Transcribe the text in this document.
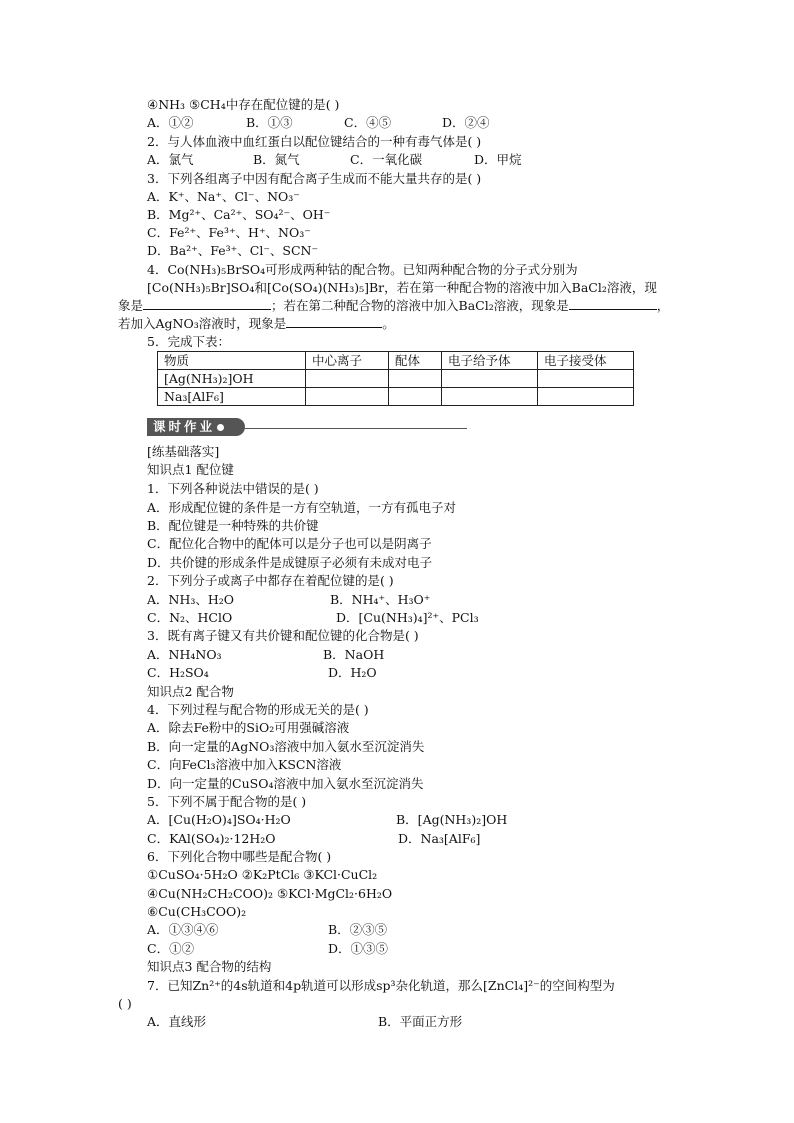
④NH₃ ⑤CH₄中存在配位键的是( )
A．①②	B．①③	C．④⑤	D．②④
2．与人体血液中血红蛋白以配位键结合的一种有毒气体是( )
A．氯气	B．氮气	C．一氧化碳	D．甲烷
3．下列各组离子中因有配合离子生成而不能大量共存的是( )
A．K⁺、Na⁺、Cl⁻、NO₃⁻
B．Mg²⁺、Ca²⁺、SO₄²⁻、OH⁻
C．Fe²⁺、Fe³⁺、H⁺、NO₃⁻
D．Ba²⁺、Fe³⁺、Cl⁻、SCN⁻
4．Co(NH₃)₅BrSO₄可形成两种钴的配合物。已知两种配合物的分子式分别为
[Co(NH₃)₅Br]SO₄和[Co(SO₄)(NH₃)₅]Br，若在第一种配合物的溶液中加入BaCl₂溶液，现
象是	；若在第二种配合物的溶液中加入BaCl₂溶液，现象是	，
若加入AgNO₃溶液时，现象是	。
5．完成下表：
物质	中心离子	配体	电子给予体	电子接受体
[Ag(NH₃)₂]OH				
Na₃[AlF₆]				
课时作业
[练基础落实]
知识点1 配位键
1．下列各种说法中错误的是( )
A．形成配位键的条件是一方有空轨道，一方有孤电子对
B．配位键是一种特殊的共价键
C．配位化合物中的配体可以是分子也可以是阴离子
D．共价键的形成条件是成键原子必须有未成对电子
2．下列分子或离子中都存在着配位键的是( )
A．NH₃、H₂O	B．NH₄⁺、H₃O⁺
C．N₂、HClO	D．[Cu(NH₃)₄]²⁺、PCl₃
3．既有离子键又有共价键和配位键的化合物是( )
A．NH₄NO₃	B．NaOH
C．H₂SO₄	D．H₂O
知识点2 配合物
4．下列过程与配合物的形成无关的是( )
A．除去Fe粉中的SiO₂可用强碱溶液
B．向一定量的AgNO₃溶液中加入氨水至沉淀消失
C．向FeCl₃溶液中加入KSCN溶液
D．向一定量的CuSO₄溶液中加入氨水至沉淀消失
5．下列不属于配合物的是( )
A．[Cu(H₂O)₄]SO₄·H₂O	B．[Ag(NH₃)₂]OH
C．KAl(SO₄)₂·12H₂O	D．Na₃[AlF₆]
6．下列化合物中哪些是配合物( )
①CuSO₄·5H₂O ②K₂PtCl₆ ③KCl·CuCl₂
④Cu(NH₂CH₂COO)₂ ⑤KCl·MgCl₂·6H₂O
⑥Cu(CH₃COO)₂
A．①③④⑥	B．②③⑤
C．①②	D．①③⑤
知识点3 配合物的结构
7．已知Zn²⁺的4s轨道和4p轨道可以形成sp³杂化轨道，那么[ZnCl₄]²⁻的空间构型为
( )
A．直线形	B．平面正方形
